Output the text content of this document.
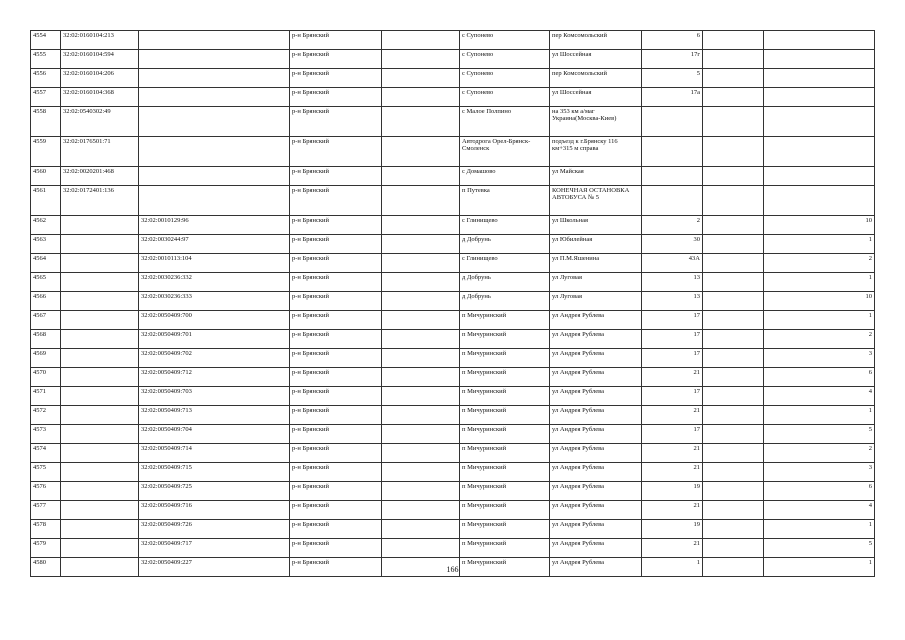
4554	32:02:0160104:213			р-н Брянский		с Супонево	пер Комсомольский	6		
4555	32:02:0160104:594			р-н Брянский		с Супонево	ул Шоссейная	17г		
4556	32:02:0160104:206			р-н Брянский		с Супонево	пер Комсомольский	5		
4557	32:02:0160104:368			р-н Брянский		с Супонево	ул Шоссейная	17а		
4558	32:02:0540302:49			р-н Брянский		с Малое Полпино	на 353 км а/маг Украина(Москва-Киев)			
4559	32:02:0176501:71			р-н Брянский		Автодрога Орел-Брянск-Смоленск	подъезд к г.Брянску 116 км+315 м справа			
4560	32:02:0020201:468			р-н Брянский		с Домашово	ул Майская			
4561	32:02:0172401:136			р-н Брянский		п Путевка	КОНЕЧНАЯ ОСТАНОВКА АВТОБУСА № 5			
4562		32:02:0010129:96		р-н Брянский		с Глинищево	ул Школьная	2		10
4563		32:02:0030244:97		р-н Брянский		д Добрунь	ул Юбилейная	30		1
4564		32:02:0010113:104		р-н Брянский		с Глинищево	ул П.М.Яшенина	43А		2
4565		32:02:0030236:332		р-н Брянский		д Добрунь	ул Луговая	13		1
4566		32:02:0030236:333		р-н Брянский		д Добрунь	ул Луговая	13		10
4567		32:02:0050409:700		р-н Брянский		п Мичуринский	ул Андрея Рублева	17		1
4568		32:02:0050409:701		р-н Брянский		п Мичуринский	ул Андрея Рублева	17		2
4569		32:02:0050409:702		р-н Брянский		п Мичуринский	ул Андрея Рублева	17		3
4570		32:02:0050409:712		р-н Брянский		п Мичуринский	ул Андрея Рублева	21		6
4571		32:02:0050409:703		р-н Брянский		п Мичуринский	ул Андрея Рублева	17		4
4572		32:02:0050409:713		р-н Брянский		п Мичуринский	ул Андрея Рублева	21		1
4573		32:02:0050409:704		р-н Брянский		п Мичуринский	ул Андрея Рублева	17		5
4574		32:02:0050409:714		р-н Брянский		п Мичуринский	ул Андрея Рублева	21		2
4575		32:02:0050409:715		р-н Брянский		п Мичуринский	ул Андрея Рублева	21		3
4576		32:02:0050409:725		р-н Брянский		п Мичуринский	ул Андрея Рублева	19		6
4577		32:02:0050409:716		р-н Брянский		п Мичуринский	ул Андрея Рублева	21		4
4578		32:02:0050409:726		р-н Брянский		п Мичуринский	ул Андрея Рублева	19		1
4579		32:02:0050409:717		р-н Брянский		п Мичуринский	ул Андрея Рублева	21		5
4580		32:02:0050409:227		р-н Брянский		п Мичуринский	ул Андрея Рублева	1		1
166
